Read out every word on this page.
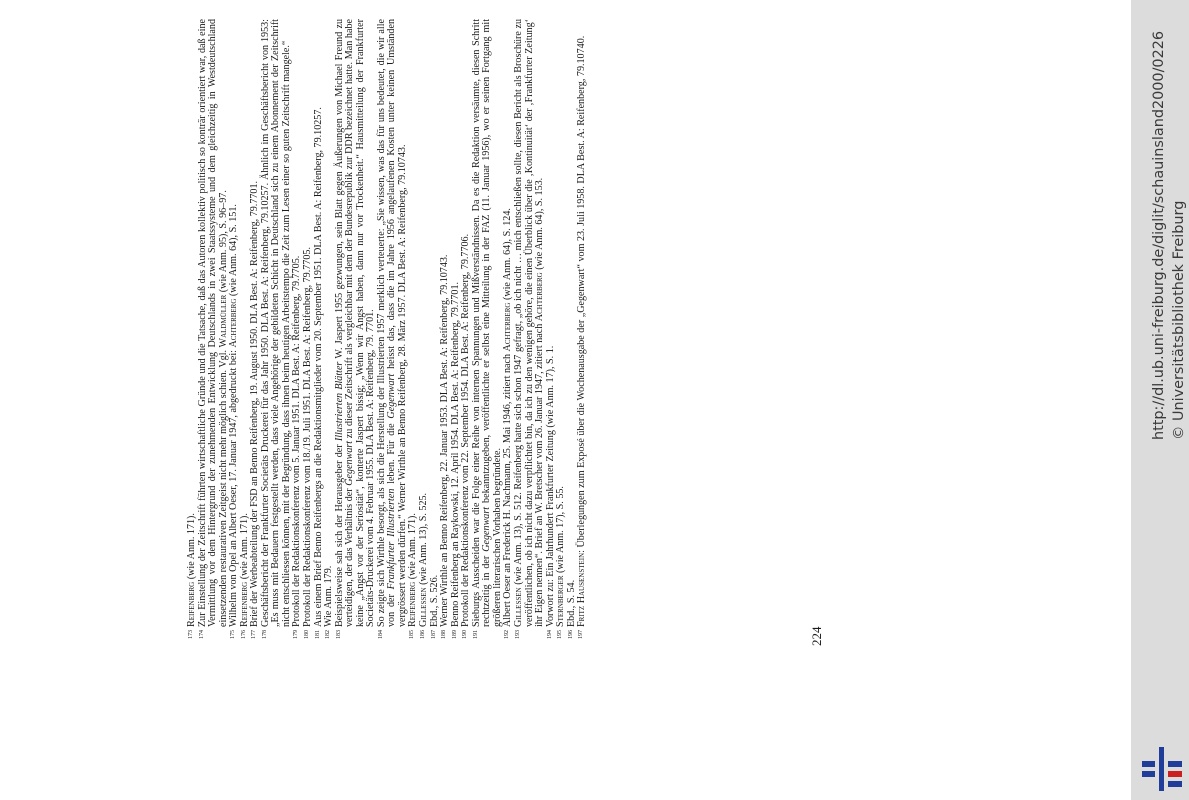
173
Reifenberg (wie Anm. 171).
174
Zur Einstellung der Zeitschrift führten wirtschaftliche Gründe und die Tatsache, daß das Autoren kollektiv politisch so konträr orientiert war, daß eine Vermittlung vor dem Hintergrund der zunehmenden Entwicklung Deutschlands in zwei Staatssysteme und dem gleichzeitig in Westdeutschland einsetzenden restaurativen Zeitgeist nicht mehr möglich schien. Vgl. Waldmüller (wie Anm. 95), S. 96–97.
175
Wilhelm von Opel an Albert Oeser, 17. Januar 1947, abgedruckt bei: Achterberg (wie Anm. 64), S. 151.
176
Reifenberg (wie Anm. 171).
177
Brief der Werbeabteilung der FSD an Benno Reifenberg, 19. August 1950. DLA Best. A: Reifenberg, 79.7701.
178
Geschäftsbericht der Frankfurter Societäts Druckerei für das Jahr 1950. DLA Best. A: Reifenberg, 79.10257. Ähnlich im Geschäftsbericht von 1953: „Es muss mit Bedauern festgestellt werden, dass viele Angehörige der gebildeten Schicht in Deutschland sich zu einem Abonnement der Zeitschrift nicht entschliessen können, mit der Begründung, dass ihnen beim heutigen Arbeitstempo die Zeit zum Lesen einer so guten Zeitschrift mangele.“
179
Protokoll der Redaktionskonferenz vom 5. Januar 1951. DLA Best. A: Reifenberg, 79.7705.
180
Protokoll der Redaktionskonferenz vom 18./19. Juli 1951. DLA Best. A: Reifenberg, 79.7705.
181
Aus einem Brief Benno Reifenbergs an die Redaktionsmitglieder vom 20. September 1951. DLA Best. A: Reifenberg, 79.10257.
182
Wie Anm. 179.
183
Beispielsweise sah sich der Herausgeber der Illustrierten Blätter W. Jaspert 1955 gezwungen, sein Blatt gegen Äußerungen von Michael Freund zu verteidigen, der das Verhältnis der Gegenwart zu dieser Zeitschrift als vergleichbar mit dem der Bundesrepublik zur DDR bezeichnet hatte. Man habe keine „Angst vor der Seriosität“, konterte Jaspert bissig; „Wenn wir Angst haben, dann nur vor Trockenheit.“ Hausmitteilung der Frankfurter Societäts-Druckerei vom 4. Februar 1955. DLA Best. A: Reifenberg, 79. 7701.
184
So zeigte sich Wirthle besorgt, als sich die Herstellung der Illustrierten 1957 merklich verteuerte: „Sie wissen, was das für uns bedeutet, die wir alle von der Frankfurter Illustrierten leben. Für die Gegenwart heisst das, dass die im Jahre 1956 angelaufenen Kosten unter keinen Umständen vergrössert werden dürfen.“ Werner Wirthle an Benno Reifenberg, 28. März 1957. DLA Best. A: Reifenberg, 79.10743.
185
Reifenberg (wie Anm. 171).
186
Gillessen (wie Anm. 13), S. 525.
187
Ebd., S. 526.
188
Werner Wirthle an Benno Reifenberg, 22. Januar 1953. DLA Best. A: Reifenberg, 79.10743.
189
Benno Reifenberg an Raykowski, 12. April 1954. DLA Best. A: Reifenberg, 79.7701.
190
Protokoll der Redaktionskonferenz vom 22. September 1954. DLA Best. A: Reifenberg, 79.7706.
191
Sieburgs Ausscheiden war die Folge einer Reihe von internen Spannungen und Mißverständnissen. Da es die Redaktion versäumte, diesen Schritt rechtzeitig in der Gegenwart bekanntzugeben, veröffentlichte er selbst eine Mitteilung in der FAZ (11. Januar 1956), wo er seinen Fortgang mit größeren literarischen Vorhaben begründete.
192
Albert Oeser an Frederick H. Nachmann, 25. Mai 1946, zitiert nach Achterberg (wie Anm. 64), S. 124.
193
Gillessen (wie Anm. 13), S. 512. Reifenberg hatte sich schon 1947 gefragt, „ob ich nicht … mich entschließen sollte, diesen Bericht als Broschüre zu veröffentlichen, ob ich nicht dazu verpflichtet bin, da ich zu den wenigen gehöre, die einen Überblick über die ‚Kontinuität‘ der ‚Frankfurter Zeitung‘ ihr Eigen nennen“. Brief an W. Bretscher vom 26. Januar 1947, zitiert nach Achterberg (wie Anm. 64), S. 153.
194
Vorwort zu: Ein Jahrhundert Frankfurter Zeitung (wie Anm. 17), S. 1.
195
Sternberger (wie Anm. 17), S. 55.
196
Ebd., S. 54.
197
Fritz Hausenstein: Überlegungen zum Exposé über die Wochenausgabe der „Gegenwart“ vom 23. Juli 1958. DLA Best. A: Reifenberg, 79.10740.
224
http://dl.ub.uni-freiburg.de/diglit/schauinsland2000/0226 © Universitätsbibliothek Freiburg
